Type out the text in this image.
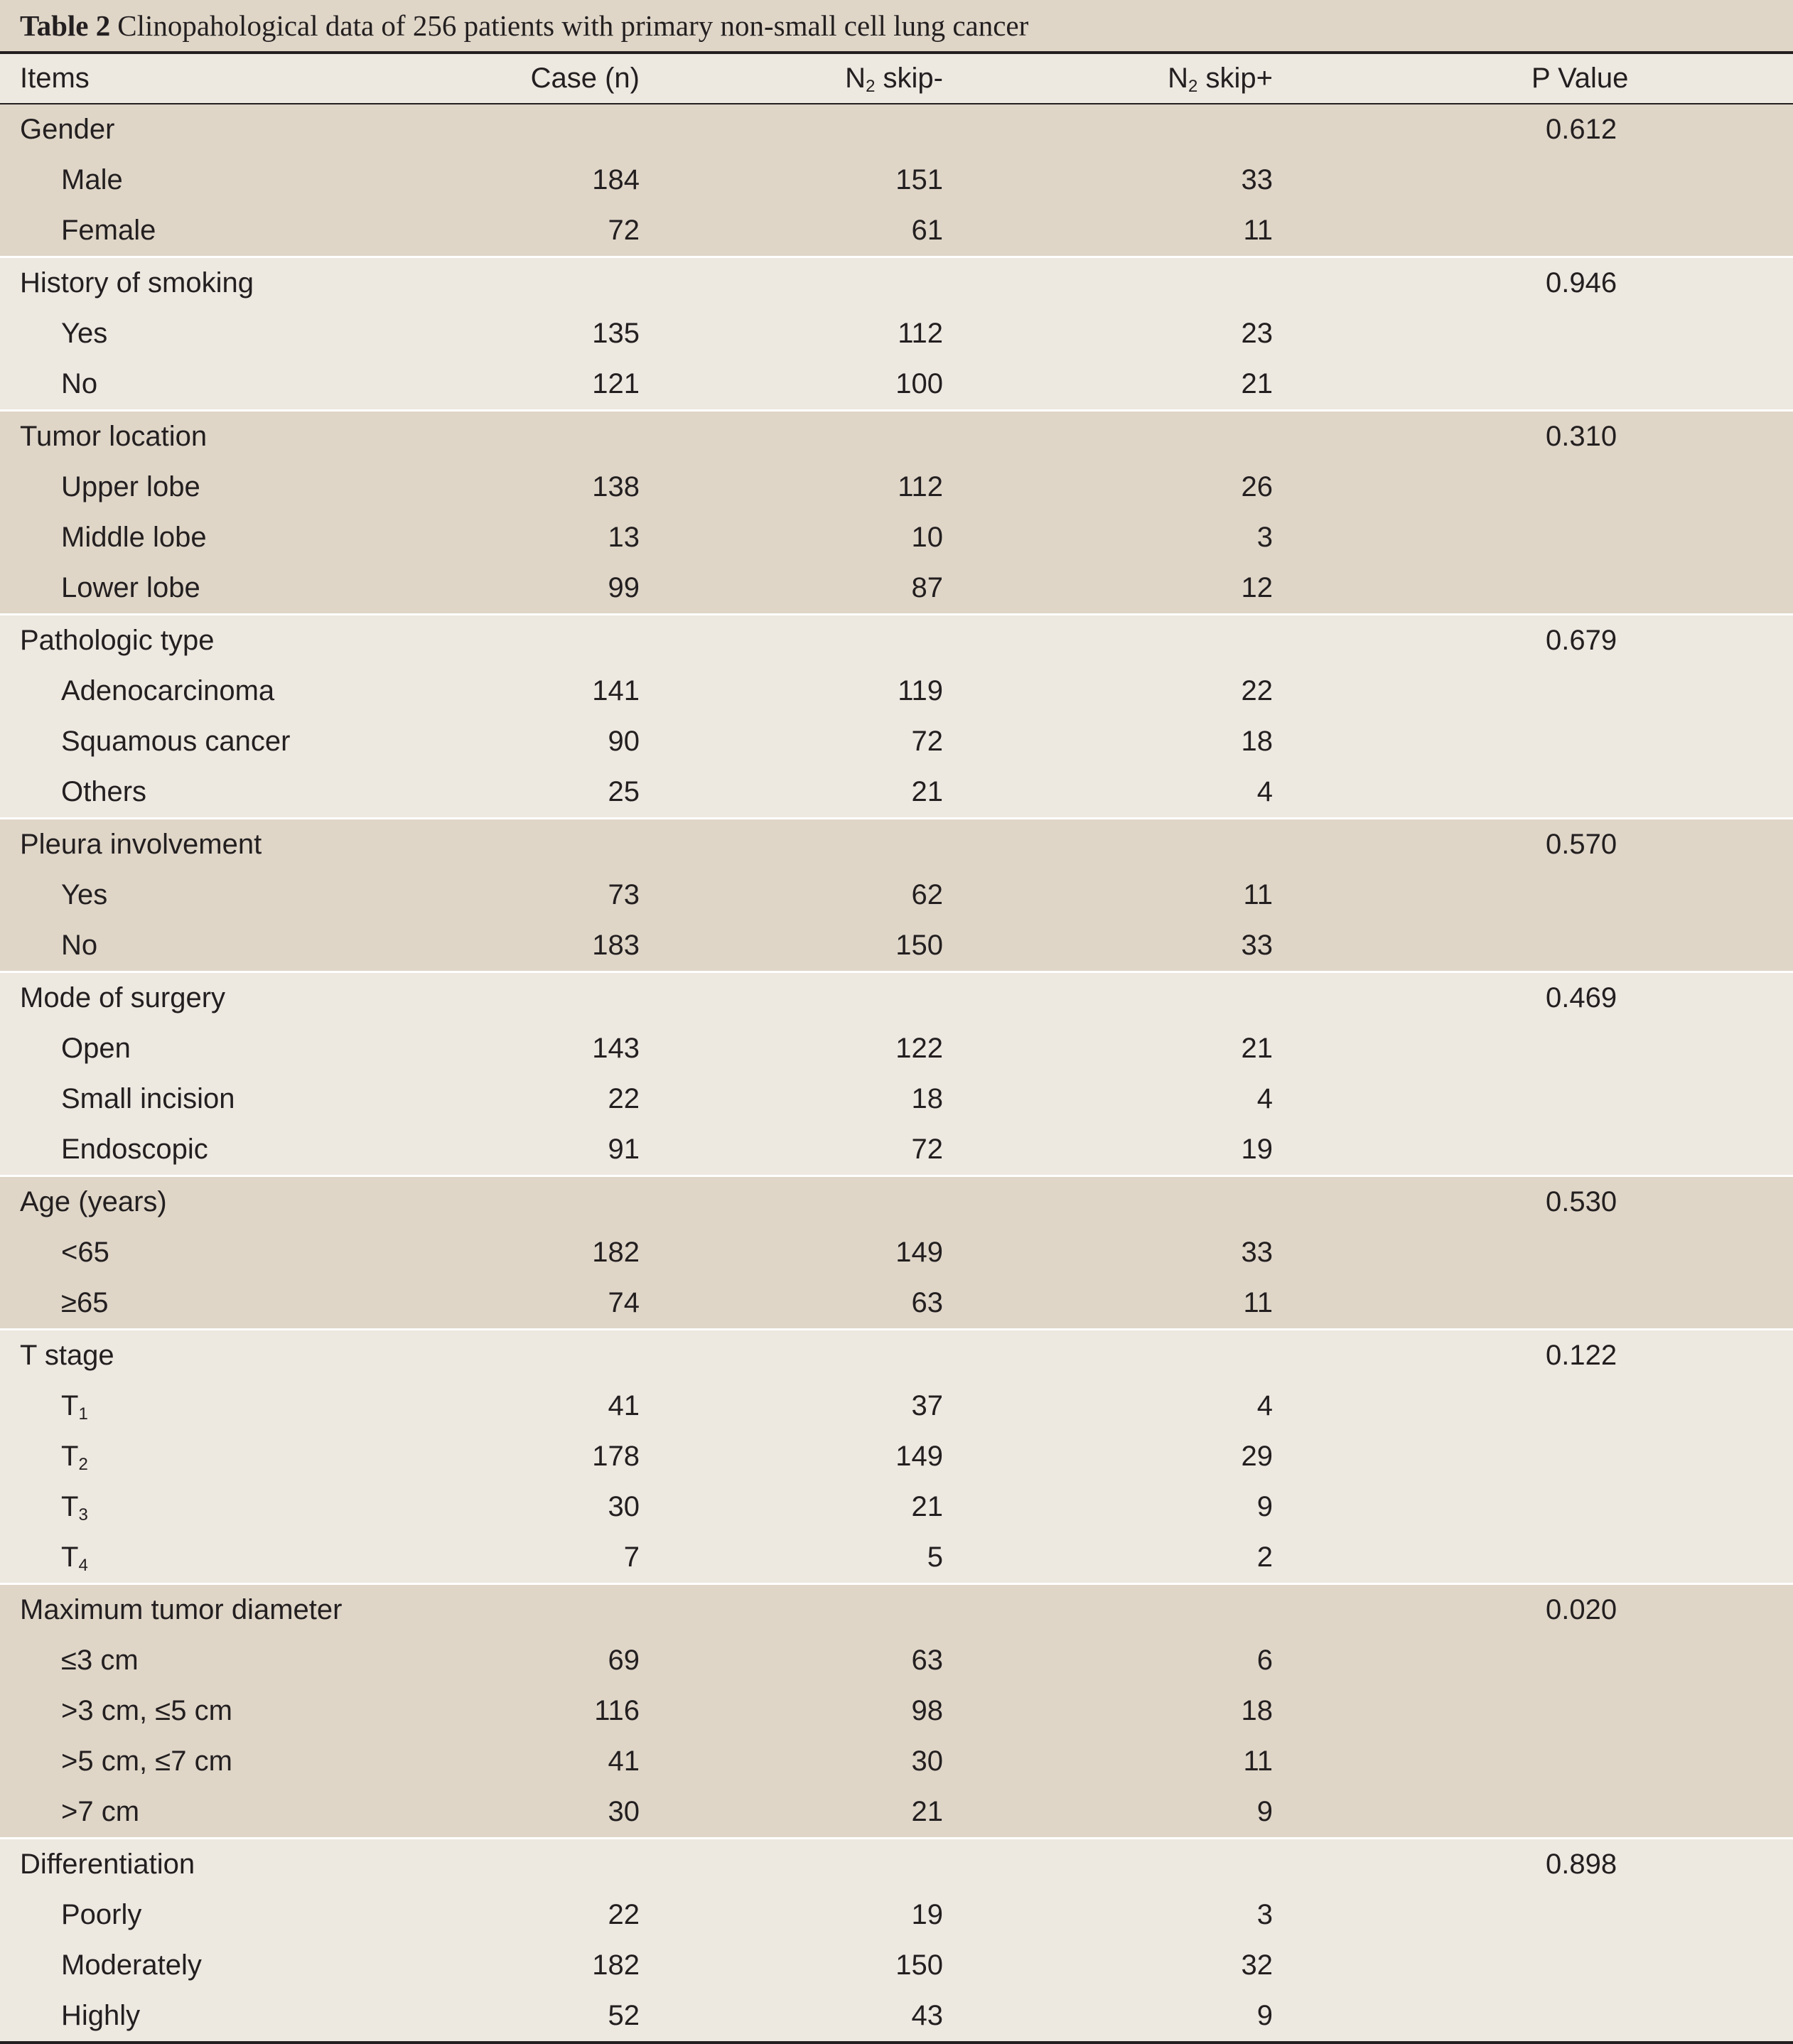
Table 2 Clinopahological data of 256 patients with primary non-small cell lung cancer
Items	Case (n)	$N_2$ skip-	$N_2$ skip+	P Value
Gender				0.612
Male	184	151	33	
Female	72	61	11	
History of smoking				0.946
Yes	135	112	23	
No	121	100	21	
Tumor location				0.310
Upper lobe	138	112	26	
Middle lobe	13	10	3	
Lower lobe	99	87	12	
Pathologic type				0.679
Adenocarcinoma	141	119	22	
Squamous cancer	90	72	18	
Others	25	21	4	
Pleura involvement				0.570
Yes	73	62	11	
No	183	150	33	
Mode of surgery				0.469
Open	143	122	21	
Small incision	22	18	4	
Endoscopic	91	72	19	
Age (years)				0.530
<65	182	149	33	
≥65	74	63	11	
T stage				0.122
$T_1$	41	37	4	
$T_2$	178	149	29	
$T_3$	30	21	9	
$T_4$	7	5	2	
Maximum tumor diameter				0.020
≤3 cm	69	63	6	
>3 cm, ≤5 cm	116	98	18	
>5 cm, ≤7 cm	41	30	11	
>7 cm	30	21	9	
Differentiation				0.898
Poorly	22	19	3	
Moderately	182	150	32	
Highly	52	43	9	
